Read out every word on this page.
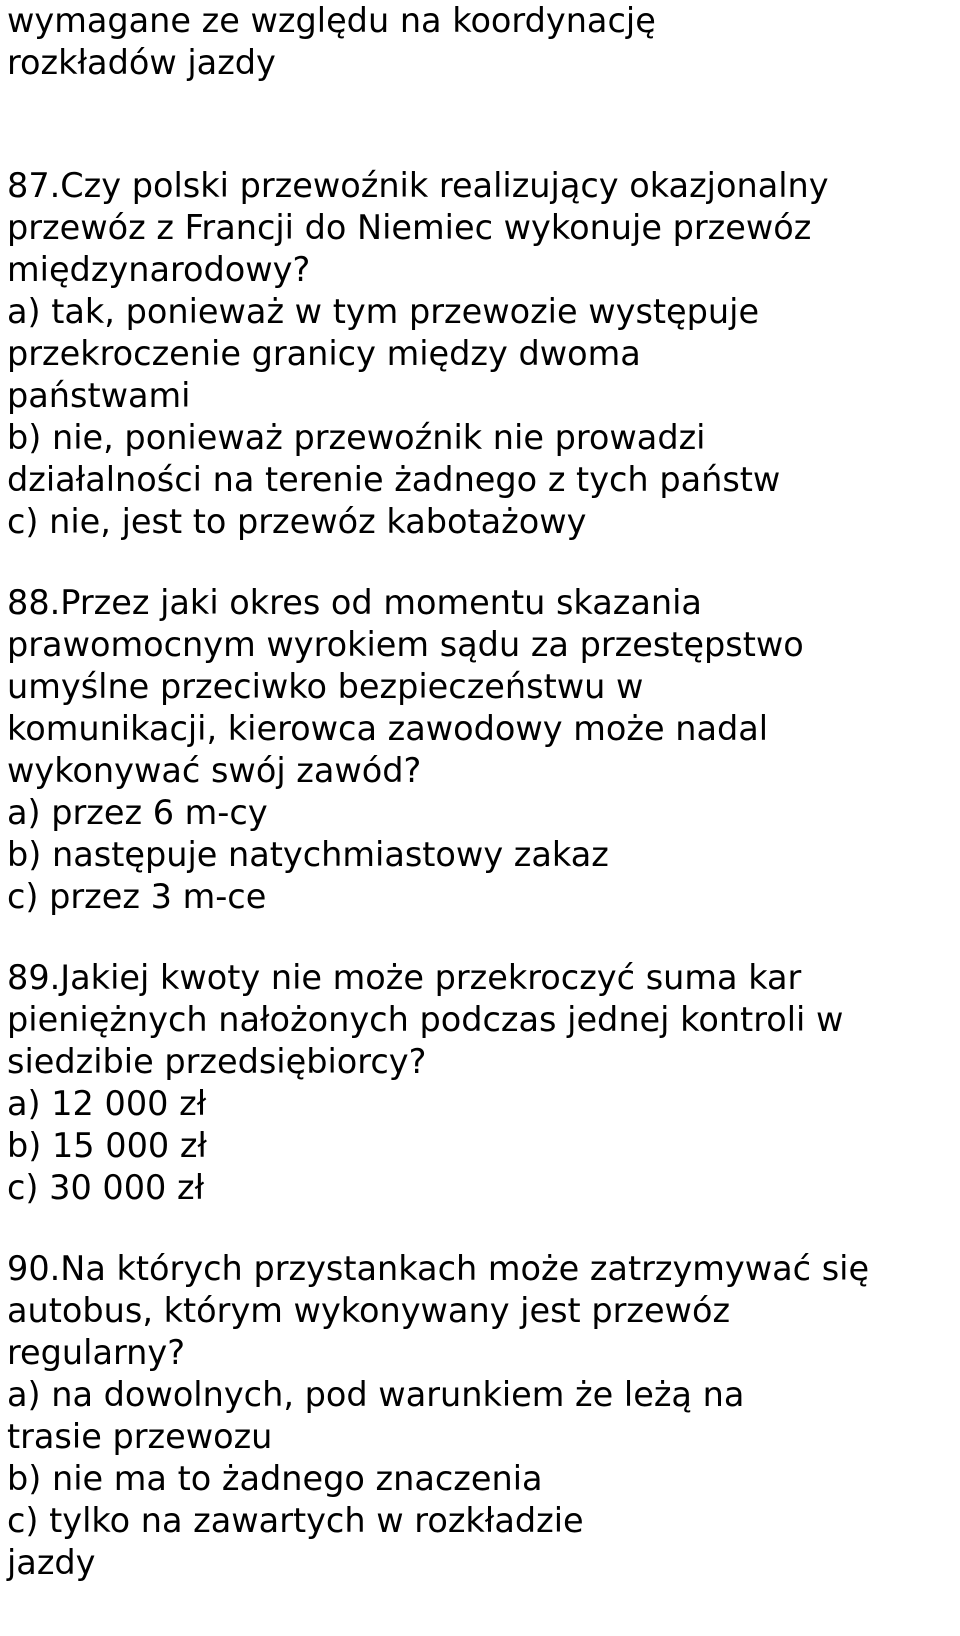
wymagane ze względu na koordynację
rozkładów jazdy
87.Czy polski przewoźnik realizujący okazjonalny
przewóz z Francji do Niemiec wykonuje przewóz
międzynarodowy?
a) tak, ponieważ w tym przewozie występuje
przekroczenie granicy między dwoma
państwami
b) nie, ponieważ przewoźnik nie prowadzi
działalności na terenie żadnego z tych państw
c) nie, jest to przewóz kabotażowy
88.Przez jaki okres od momentu skazania
prawomocnym wyrokiem sądu za przestępstwo
umyślne przeciwko bezpieczeństwu w
komunikacji, kierowca zawodowy może nadal
wykonywać swój zawód?
a) przez 6 m-cy
b) następuje natychmiastowy zakaz
c) przez 3 m-ce
89.Jakiej kwoty nie może przekroczyć suma kar
pieniężnych nałożonych podczas jednej kontroli w
siedzibie przedsiębiorcy?
a) 12 000 zł
b) 15 000 zł
c) 30 000 zł
90.Na których przystankach może zatrzymywać się
autobus, którym wykonywany jest przewóz
regularny?
a) na dowolnych, pod warunkiem że leżą na
trasie przewozu
b) nie ma to żadnego znaczenia
c) tylko na zawartych w rozkładzie
jazdy
